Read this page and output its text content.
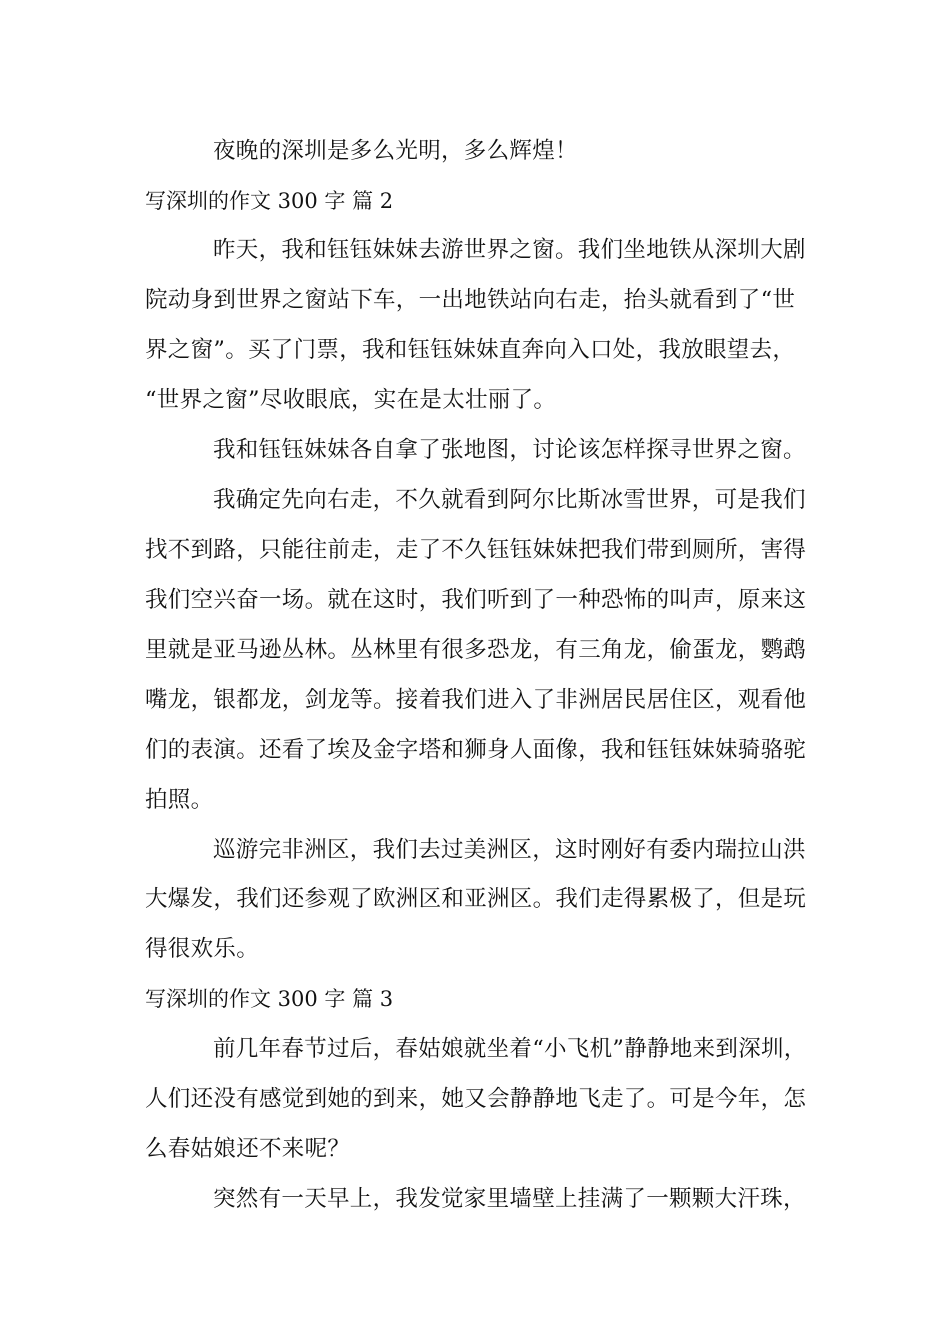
夜晚的深圳是多么光明，多么辉煌！
写深圳的作文 300 字 篇 2
昨天，我和钰钰妹妹去游世界之窗。我们坐地铁从深圳大剧
院动身到世界之窗站下车，一出地铁站向右走，抬头就看到了“世
界之窗”。买了门票，我和钰钰妹妹直奔向入口处，我放眼望去，
“世界之窗”尽收眼底，实在是太壮丽了。
我和钰钰妹妹各自拿了张地图，讨论该怎样探寻世界之窗。
我确定先向右走，不久就看到阿尔比斯冰雪世界，可是我们
找不到路，只能往前走，走了不久钰钰妹妹把我们带到厕所，害得
我们空兴奋一场。就在这时，我们听到了一种恐怖的叫声，原来这
里就是亚马逊丛林。丛林里有很多恐龙，有三角龙，偷蛋龙，鹦鹉
嘴龙，银都龙，剑龙等。接着我们进入了非洲居民居住区，观看他
们的表演。还看了埃及金字塔和狮身人面像，我和钰钰妹妹骑骆驼
拍照。
巡游完非洲区，我们去过美洲区，这时刚好有委内瑞拉山洪
大爆发，我们还参观了欧洲区和亚洲区。我们走得累极了，但是玩
得很欢乐。
写深圳的作文 300 字 篇 3
前几年春节过后，春姑娘就坐着“小飞机”静静地来到深圳，
人们还没有感觉到她的到来，她又会静静地飞走了。可是今年，怎
么春姑娘还不来呢？
突然有一天早上，我发觉家里墙壁上挂满了一颗颗大汗珠，
